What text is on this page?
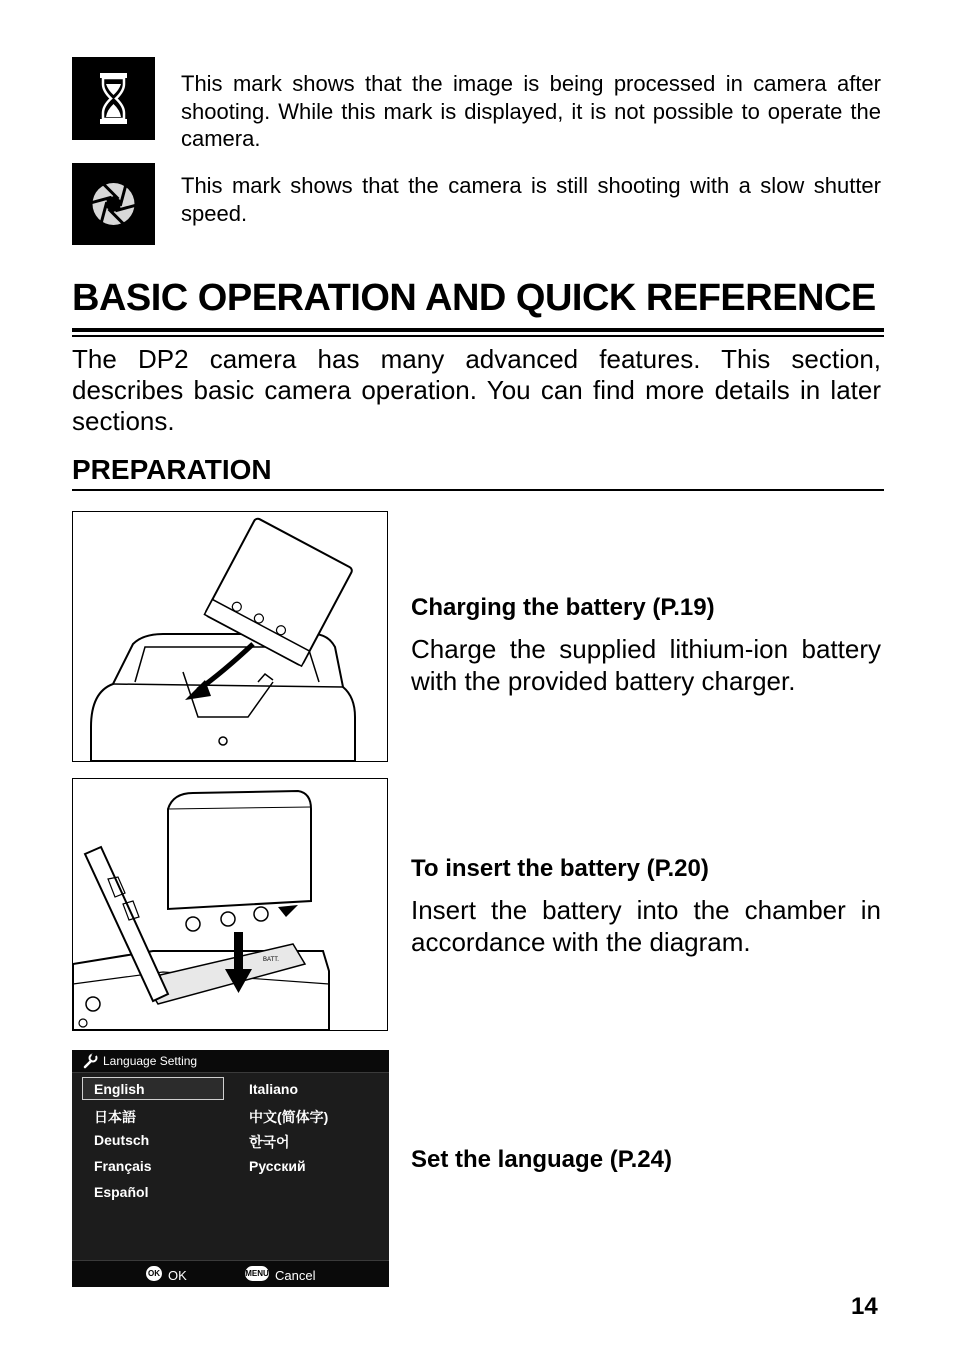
This mark shows that the image is being processed in camera after shooting. While this mark is displayed, it is not possible to operate the camera.
This mark shows that the camera is still shooting with a slow shutter speed.
BASIC OPERATION AND QUICK REFERENCE
The DP2 camera has many advanced features. This section, describes basic camera operation. You can find more details in later sections.
PREPARATION
Charging the battery (P.19)
Charge the supplied lithium-ion battery with the provided battery charger.
BATT.
To insert the battery (P.20)
Insert the battery into the chamber in accordance with the diagram.
Language Setting
English
日本語
Deutsch
Français
Español
Italiano
中文(简体字)
한국어
Русский
OK OK	MENU Cancel
Set the language (P.24)
14
